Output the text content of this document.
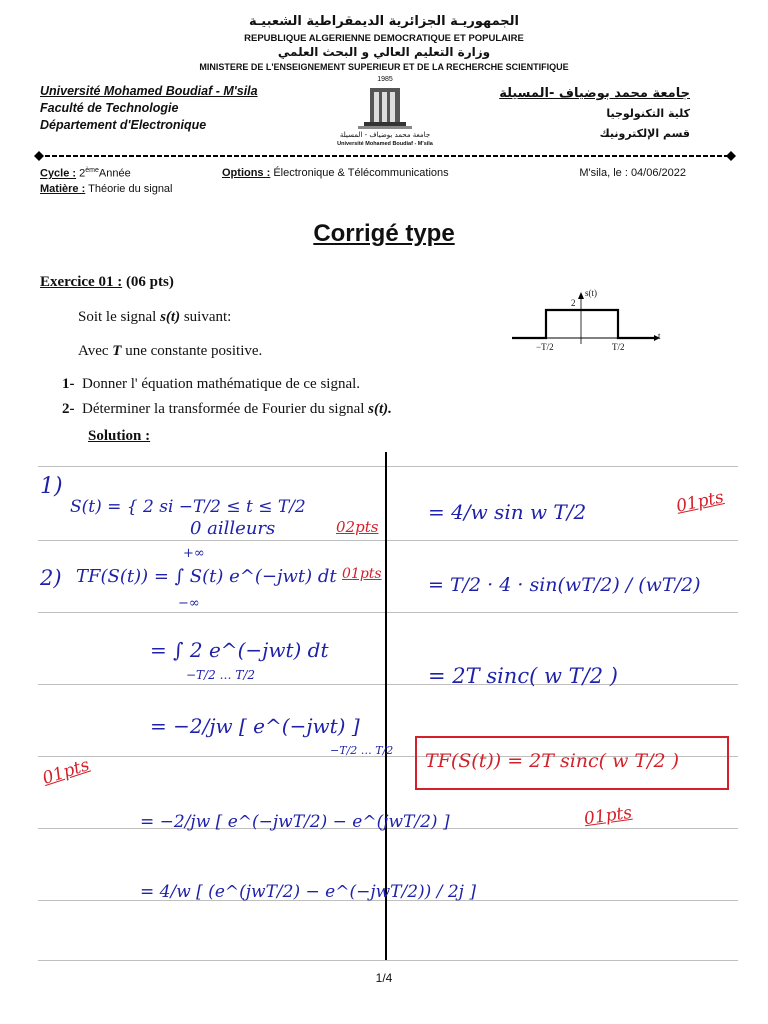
الجمهوريـة الجزائرية الديمقراطية الشعبيـة
REPUBLIQUE ALGERIENNE DEMOCRATIQUE ET POPULAIRE
وزارة التعليم العالي و البحث العلمي
MINISTERE DE L'ENSEIGNEMENT SUPERIEUR ET DE LA RECHERCHE SCIENTIFIQUE
Université Mohamed Boudiaf - M'sila
Faculté de Technologie
Département d'Electronique
جامعة محمد بوضياف -المسيلة
كلية التكنولوجيا
قسم الإلكترونيك
1985
جامعة محمد بوضياف - المسيلة
Université Mohamed Boudiaf - M'sila
Cycle : 2èmeAnnée
Matière : Théorie du signal
Options : Électronique & Télécommunications	M'sila, le : 04/06/2022
Corrigé type
Exercice 01 : (06 pts)
Soit le signal s(t) suivant:
Avec T une constante positive.
1- Donner l' équation mathématique de ce signal.
2- Déterminer la transformée de Fourier du signal s(t).
Solution :
s(t)
2
t
−T/2	T/2
1)
S(t) = { 2 si −T/2 ≤ t ≤ T/2
0 ailleurs	02pts
+∞
2) TF(S(t)) = ∫ S(t) e^(−jwt) dt 01pts
−∞
= ∫ 2 e^(−jwt) dt
−T/2 … T/2
= −2/jw [ e^(−jwt) ]
−T/2 … T/2
01pts
= −2/jw [ e^(−jwT/2) − e^(jwT/2) ]
= 4/w [ (e^(jwT/2) − e^(−jwT/2)) / 2j ]
= 4/w sin w T/2	01pts
= T/2 · 4 · sin(wT/2) / (wT/2)
= 2T sinc( w T/2 )
TF(S(t)) = 2T sinc( w T/2 )
01pts
1/4
